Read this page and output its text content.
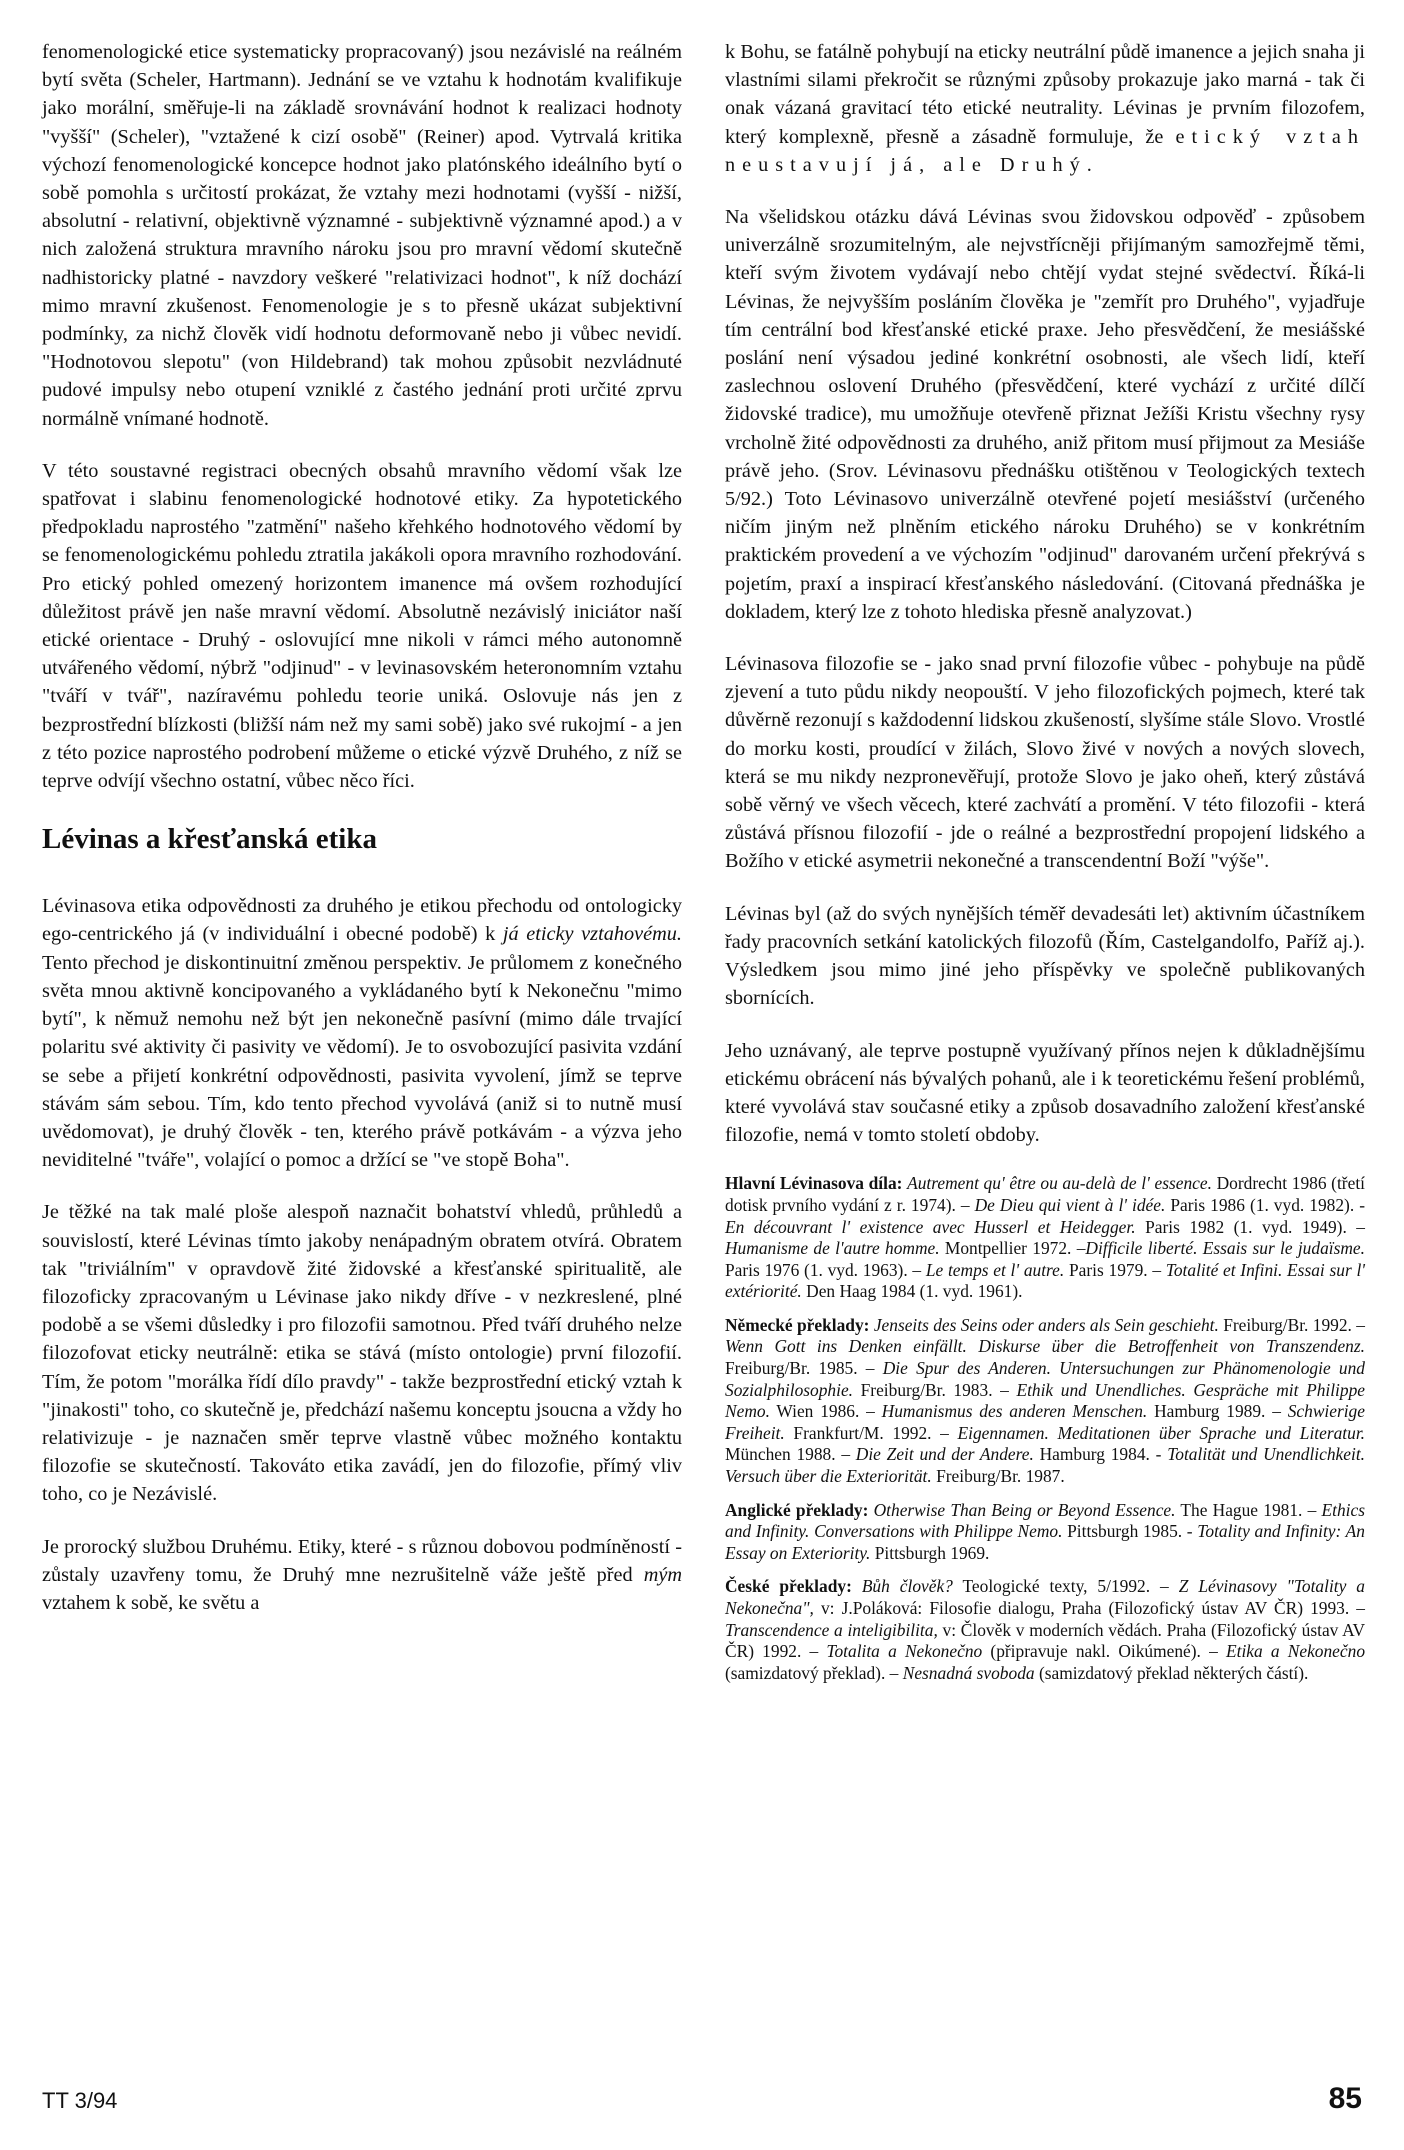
fenomenologické etice systematicky propracovaný) jsou nezávislé na reálném bytí světa (Scheler, Hartmann). Jednání se ve vztahu k hodnotám kvalifikuje jako morální, směřuje-li na základě srovnávání hodnot k realizaci hodnoty "vyšší" (Scheler), "vztažené k cizí osobě" (Reiner) apod. Vytrvalá kritika výchozí fenomenologické koncepce hodnot jako platónského ideálního bytí o sobě pomohla s určitostí prokázat, že vztahy mezi hodnotami (vyšší - nižší, absolutní - relativní, objektivně významné - subjektivně významné apod.) a v nich založená struktura mravního nároku jsou pro mravní vědomí skutečně nadhistoricky platné - navzdory veškeré "relativizaci hodnot", k níž dochází mimo mravní zkušenost. Fenomenologie je s to přesně ukázat subjektivní podmínky, za nichž člověk vidí hodnotu deformovaně nebo ji vůbec nevidí. "Hodnotovou slepotu" (von Hildebrand) tak mohou způsobit nezvládnuté pudové impulsy nebo otupení vzniklé z častého jednání proti určité zprvu normálně vnímané hodnotě.

V této soustavné registraci obecných obsahů mravního vědomí však lze spatřovat i slabinu fenomenologické hodnotové etiky. Za hypotetického předpokladu naprostého "zatmění" našeho křehkého hodnotového vědomí by se fenomenologickému pohledu ztratila jakákoli opora mravního rozhodování. Pro etický pohled omezený horizontem imanence má ovšem rozhodující důležitost právě jen naše mravní vědomí. Absolutně nezávislý iniciátor naší etické orientace - Druhý - oslovující mne nikoli v rámci mého autonomně utvářeného vědomí, nýbrž "odjinud" - v levinasovském heteronomním vztahu "tváří v tvář", nazíravému pohledu teorie uniká. Oslovuje nás jen z bezprostřední blízkosti (bližší nám než my sami sobě) jako své rukojmí - a jen z této pozice naprostého podrobení můžeme o etické výzvě Druhého, z níž se teprve odvíjí všechno ostatní, vůbec něco říci.

Lévinas a křesťanská etika

Lévinasova etika odpovědnosti za druhého je etikou přechodu od ontologicky ego-centrického já (v individuální i obecné podobě) k já eticky vztahovému. Tento přechod je diskontinuitní změnou perspektiv. Je průlomem z konečného světa mnou aktivně koncipovaného a vykládaného bytí k Nekonečnu "mimo bytí", k němuž nemohu než být jen nekonečně pasívní (mimo dále trvající polaritu své aktivity či pasivity ve vědomí). Je to osvobozující pasivita vzdání se sebe a přijetí konkrétní odpovědnosti, pasivita vyvolení, jímž se teprve stávám sám sebou. Tím, kdo tento přechod vyvolává (aniž si to nutně musí uvědomovat), je druhý člověk - ten, kterého právě potkávám - a výzva jeho neviditelné "tváře", volající o pomoc a držící se "ve stopě Boha".

Je těžké na tak malé ploše alespoň naznačit bohatství vhledů, průhledů a souvislostí, které Lévinas tímto jakoby nenápadným obratem otvírá. Obratem tak "triviálním" v opravdově žité židovské a křesťanské spiritualitě, ale filozoficky zpracovaným u Lévinase jako nikdy dříve - v nezkreslené, plné podobě a se všemi důsledky i pro filozofii samotnou. Před tváří druhého nelze filozofovat eticky neutrálně: etika se stává (místo ontologie) první filozofií. Tím, že potom "morálka řídí dílo pravdy" - takže bezprostřední etický vztah k "jinakosti" toho, co skutečně je, předchází našemu konceptu jsoucna a vždy ho relativizuje - je naznačen směr teprve vlastně vůbec možného kontaktu filozofie se skutečností. Takováto etika zavádí, jen do filozofie, přímý vliv toho, co je Nezávislé.

Je prorocký službou Druhému. Etiky, které - s různou dobovou podmíněností - zůstaly uzavřeny tomu, že Druhý mne nezrušitelně váže ještě před mým vztahem k sobě, ke světu a

k Bohu, se fatálně pohybují na eticky neutrální půdě imanence a jejich snaha ji vlastními silami překročit se různými způsoby prokazuje jako marná - tak či onak vázaná gravitací této etické neutrality. Lévinas je prvním filozofem, který komplexně, přesně a zásadně formuluje, že etický vztah neustavují já, ale Druhý.

Na všelidskou otázku dává Lévinas svou židovskou odpověď - způsobem univerzálně srozumitelným, ale nejvstřícněji přijímaným samozřejmě těmi, kteří svým životem vydávají nebo chtějí vydat stejné svědectví. Říká-li Lévinas, že nejvyšším posláním člověka je "zemřít pro Druhého", vyjadřuje tím centrální bod křesťanské etické praxe. Jeho přesvědčení, že mesiášské poslání není výsadou jediné konkrétní osobnosti, ale všech lidí, kteří zaslechnou oslovení Druhého (přesvědčení, které vychází z určité dílčí židovské tradice), mu umožňuje otevřeně přiznat Ježíši Kristu všechny rysy vrcholně žité odpovědnosti za druhého, aniž přitom musí přijmout za Mesiáše právě jeho. (Srov. Lévinasovu přednášku otištěnou v Teologických textech 5/92.) Toto Lévinasovo univerzálně otevřené pojetí mesiášství (určeného ničím jiným než plněním etického nároku Druhého) se v konkrétním praktickém provedení a ve výchozím "odjinud" darovaném určení překrývá s pojetím, praxí a inspirací křesťanského následování. (Citovaná přednáška je dokladem, který lze z tohoto hlediska přesně analyzovat.)

Lévinasova filozofie se - jako snad první filozofie vůbec - pohybuje na půdě zjevení a tuto půdu nikdy neopouští. V jeho filozofických pojmech, které tak důvěrně rezonují s každodenní lidskou zkušeností, slyšíme stále Slovo. Vrostlé do morku kosti, proudící v žilách, Slovo živé v nových a nových slovech, která se mu nikdy nezpronevěřují, protože Slovo je jako oheň, který zůstává sobě věrný ve všech věcech, které zachvátí a promění. V této filozofii - která zůstává přísnou filozofií - jde o reálné a bezprostřední propojení lidského a Božího v etické asymetrii nekonečné a transcendentní Boží "výše".

Lévinas byl (až do svých nynějších téměř devadesáti let) aktivním účastníkem řady pracovních setkání katolických filozofů (Řím, Castelgandolfo, Paříž aj.). Výsledkem jsou mimo jiné jeho příspěvky ve společně publikovaných sbornících.

Jeho uznávaný, ale teprve postupně využívaný přínos nejen k důkladnějšímu etickému obrácení nás bývalých pohanů, ale i k teoretickému řešení problémů, které vyvolává stav současné etiky a způsob dosavadního založení křesťanské filozofie, nemá v tomto století obdoby.

Hlavní Lévinasova díla: Autrement qu' être ou au-delà de l' essence. Dordrecht 1986 (třetí dotisk prvního vydání z r. 1974). – De Dieu qui vient à l' idée. Paris 1986 (1. vyd. 1982). - En découvrant l' existence avec Husserl et Heidegger. Paris 1982 (1. vyd. 1949). – Humanisme de l'autre homme. Montpellier 1972. –Difficile liberté. Essais sur le judaïsme. Paris 1976 (1. vyd. 1963). – Le temps et l' autre. Paris 1979. – Totalité et Infini. Essai sur l' extériorité. Den Haag 1984 (1. vyd. 1961).

Německé překlady: Jenseits des Seins oder anders als Sein geschieht. Freiburg/Br. 1992. – Wenn Gott ins Denken einfällt. Diskurse über die Betroffenheit von Transzendenz. Freiburg/Br. 1985. – Die Spur des Anderen. Untersuchungen zur Phänomenologie und Sozialphilosophie. Freiburg/Br. 1983. – Ethik und Unendliches. Gespräche mit Philippe Nemo. Wien 1986. – Humanismus des anderen Menschen. Hamburg 1989. – Schwierige Freiheit. Frankfurt/M. 1992. – Eigennamen. Meditationen über Sprache und Literatur. München 1988. – Die Zeit und der Andere. Hamburg 1984. - Totalität und Unendlichkeit. Versuch über die Exteriorität. Freiburg/Br. 1987.

Anglické překlady: Otherwise Than Being or Beyond Essence. The Hague 1981. – Ethics and Infinity. Conversations with Philippe Nemo. Pittsburgh 1985. - Totality and Infinity: An Essay on Exteriority. Pittsburgh 1969.

České překlady: Bůh člověk? Teologické texty, 5/1992. – Z Lévinasovy "Totality a Nekonečna", v: J.Poláková: Filosofie dialogu, Praha (Filozofický ústav AV ČR) 1993. – Transcendence a inteligibilita, v: Člověk v moderních vědách. Praha (Filozofický ústav AV ČR) 1992. – Totalita a Nekonečno (připravuje nakl. Oikúmené). – Etika a Nekonečno (samizdatový překlad). – Nesnadná svoboda (samizdatový překlad některých částí).

TT 3/94	85
